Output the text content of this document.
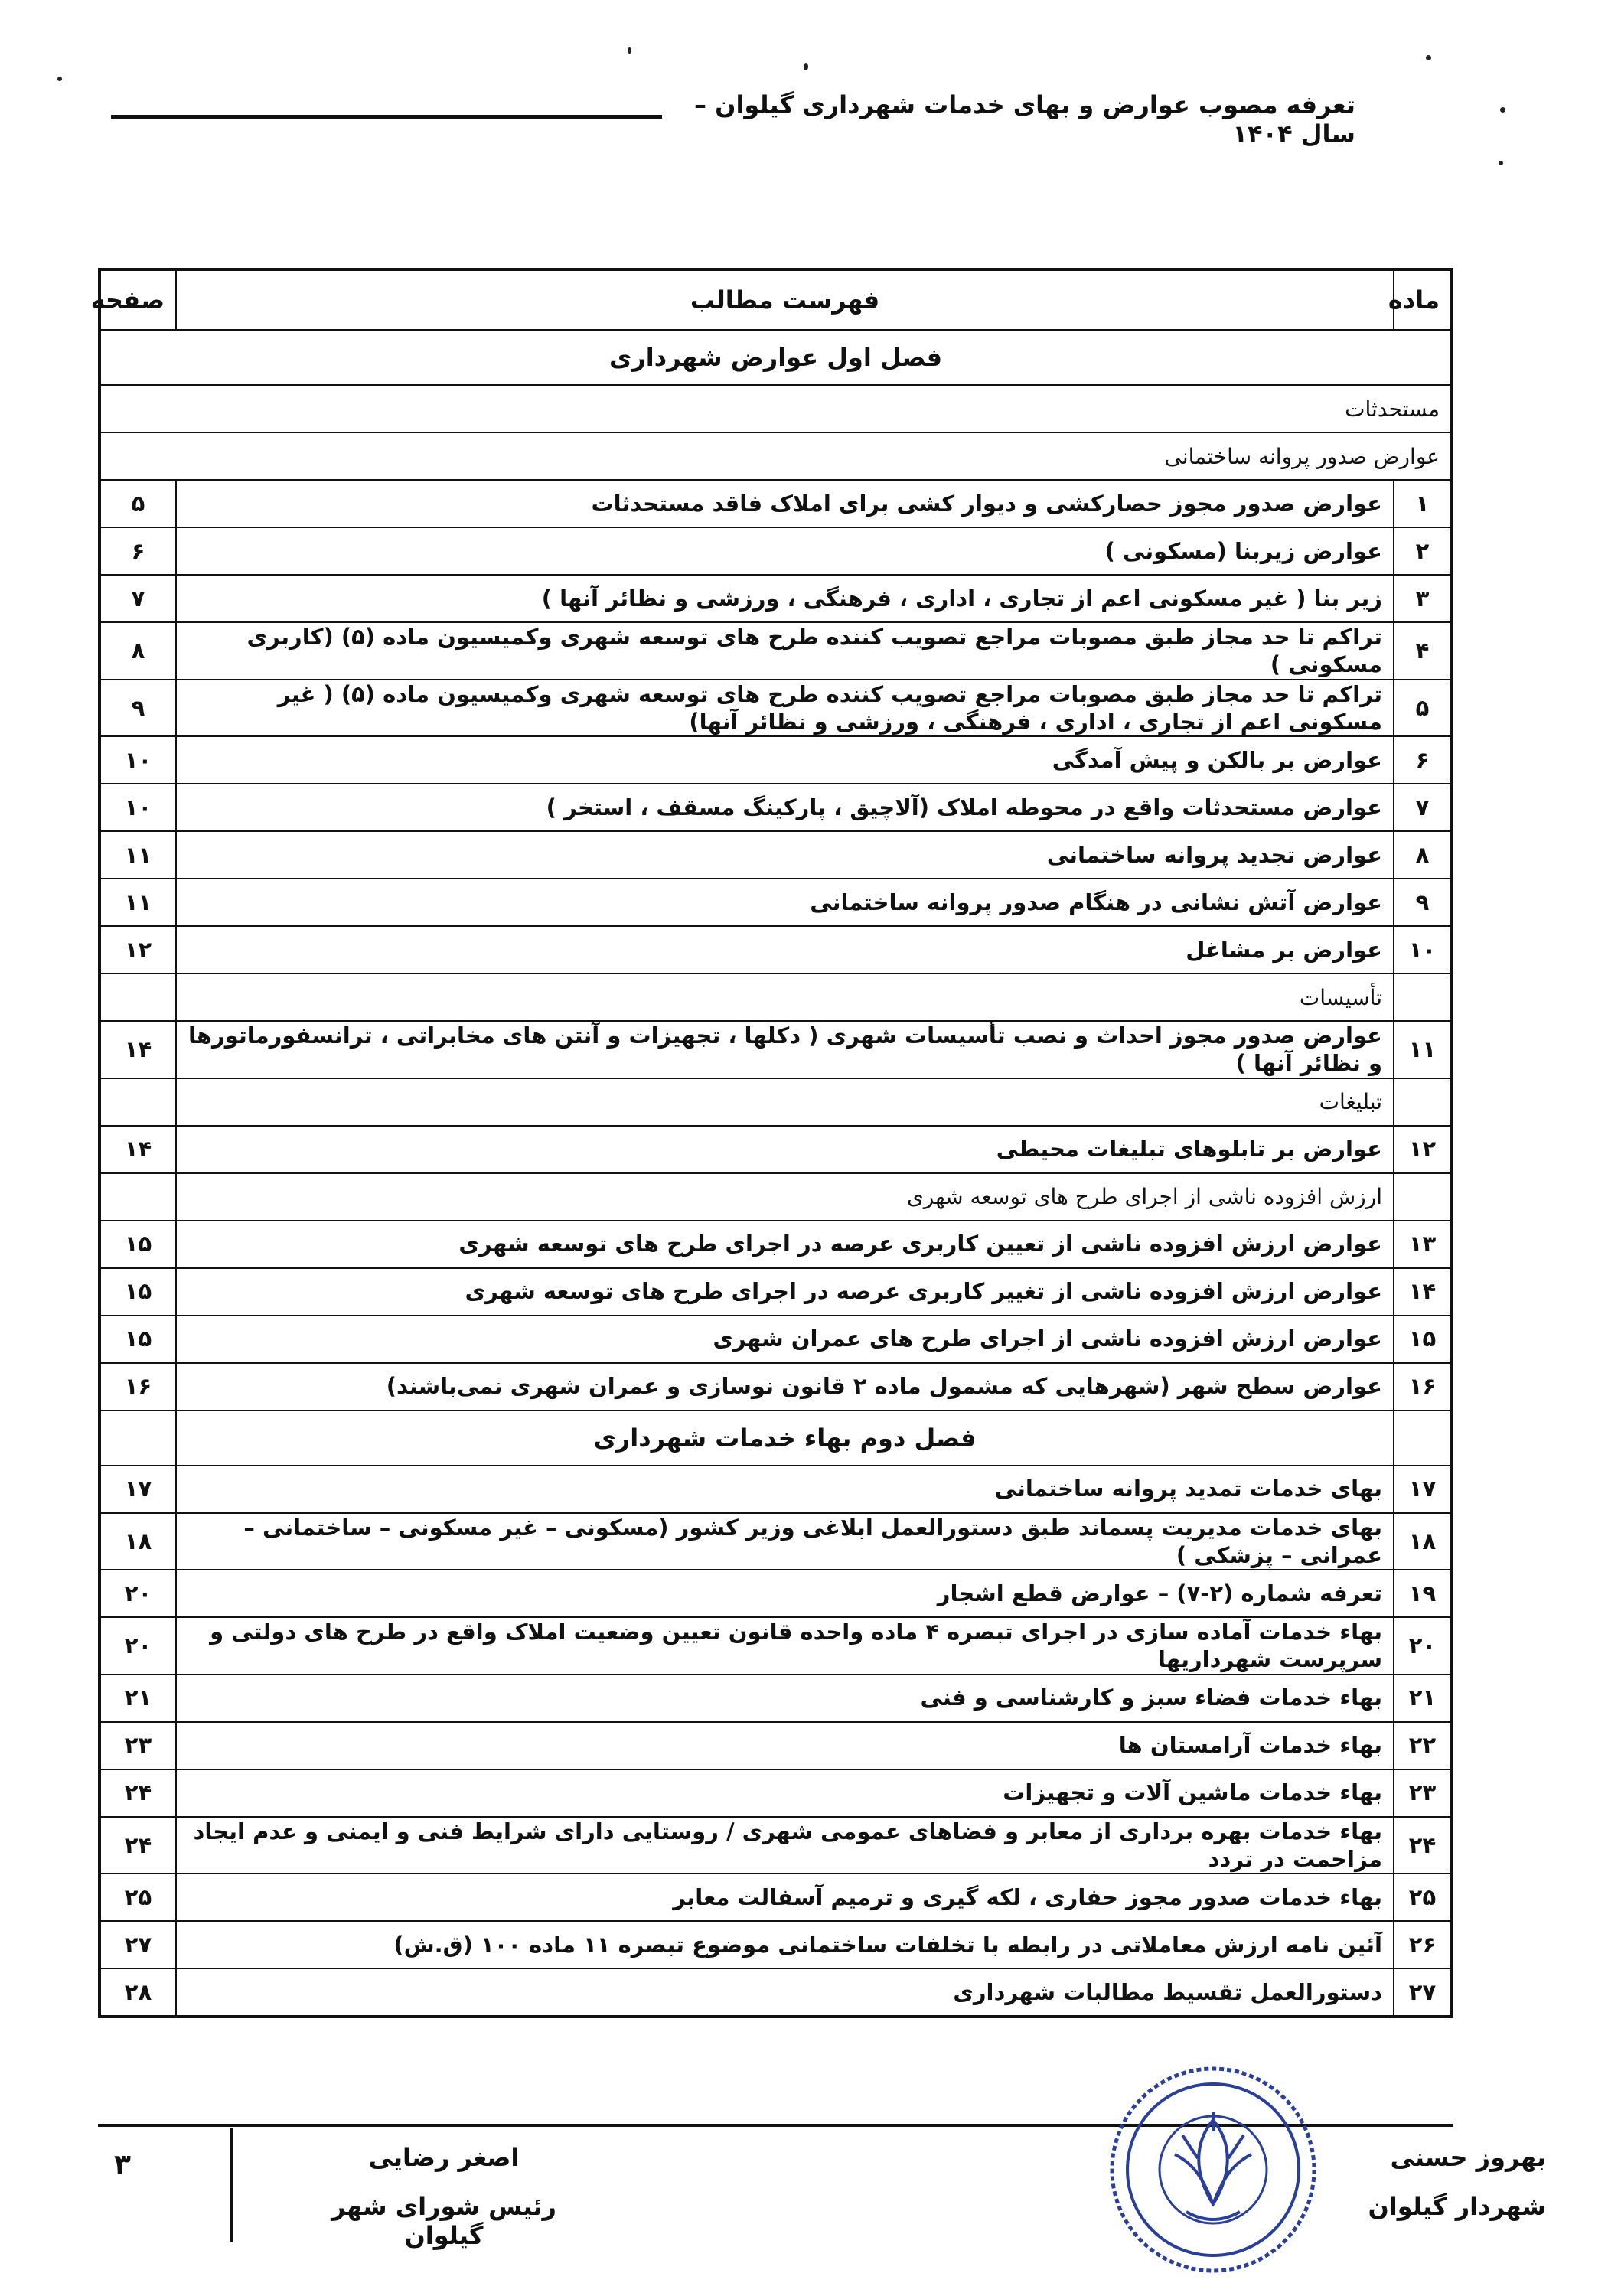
تعرفه مصوب عوارض و بهای خدمات شهرداری گیلوان – سال ۱۴۰۴
ماده	فهرست مطالب	صفحه
فصل اول عوارض شهرداری		
مستحدثات		
عوارض صدور پروانه ساختمانی		
۱	عوارض صدور مجوز حصارکشی و دیوار کشی برای املاک فاقد مستحدثات	۵
۲	عوارض زیربنا (مسکونی )	۶
۳	زیر بنا ( غیر مسکونی اعم از تجاری ، اداری ، فرهنگی ، ورزشی و نظائر آنها )	۷
۴	تراکم تا حد مجاز طبق مصوبات مراجع تصویب کننده طرح های توسعه شهری وکمیسیون ماده (۵) (کاربری مسکونی )	۸
۵	تراکم تا حد مجاز طبق مصوبات مراجع تصویب کننده طرح های توسعه شهری وکمیسیون ماده (۵) ( غیر مسکونی اعم از تجاری ، اداری ، فرهنگی ، ورزشی و نظائر آنها)	۹
۶	عوارض بر بالکن و پیش آمدگی	۱۰
۷	عوارض مستحدثات واقع در محوطه املاک (آلاچیق ، پارکینگ مسقف ، استخر )	۱۰
۸	عوارض تجدید پروانه ساختمانی	۱۱
۹	عوارض آتش نشانی در هنگام صدور پروانه ساختمانی	۱۱
۱۰	عوارض بر مشاغل	۱۲
	تأسیسات	
۱۱	عوارض صدور مجوز احداث و نصب تأسیسات شهری ( دکلها ، تجهیزات و آنتن های مخابراتی ، ترانسفورماتورها و نظائر آنها )	۱۴
	تبلیغات	
۱۲	عوارض بر تابلوهای تبلیغات محیطی	۱۴
	ارزش افزوده ناشی از اجرای طرح های توسعه شهری	
۱۳	عوارض ارزش افزوده ناشی از تعیین کاربری عرصه در اجرای طرح های توسعه شهری	۱۵
۱۴	عوارض ارزش افزوده ناشی از تغییر کاربری عرصه در اجرای طرح های توسعه شهری	۱۵
۱۵	عوارض ارزش افزوده ناشی از اجرای طرح های عمران شهری	۱۵
۱۶	عوارض سطح شهر (شهرهایی که مشمول ماده ۲ قانون نوسازی و عمران شهری نمی‌باشند)	۱۶
	فصل دوم بهاء خدمات شهرداری	
۱۷	بهای خدمات تمدید پروانه ساختمانی	۱۷
۱۸	بهای خدمات مدیریت پسماند طبق دستورالعمل ابلاغی وزیر کشور (مسکونی – غیر مسکونی – ساختمانی – عمرانی – پزشکی )	۱۸
۱۹	تعرفه شماره (۲-۷) – عوارض قطع اشجار	۲۰
۲۰	بهاء خدمات آماده سازی در اجرای تبصره ۴ ماده واحده قانون تعیین وضعیت املاک واقع در طرح های دولتی و سرپرست شهرداریها	۲۰
۲۱	بهاء خدمات فضاء سبز و کارشناسی و فنی	۲۱
۲۲	بهاء خدمات آرامستان ها	۲۳
۲۳	بهاء خدمات ماشین آلات و تجهیزات	۲۴
۲۴	بهاء خدمات بهره برداری از معابر و فضاهای عمومی شهری / روستایی دارای شرایط فنی و ایمنی و عدم ایجاد مزاحمت در تردد	۲۴
۲۵	بهاء خدمات صدور مجوز حفاری ، لکه گیری و ترمیم آسفالت معابر	۲۵
۲۶	آئین نامه ارزش معاملاتی در رابطه با تخلفات ساختمانی موضوع تبصره ۱۱ ماده ۱۰۰ (ق.ش)	۲۷
۲۷	دستورالعمل تقسیط مطالبات شهرداری	۲۸
۳	اصغر رضایی
رئیس شورای شهر گیلوان
بهروز حسنی
شهردار گیلوان
